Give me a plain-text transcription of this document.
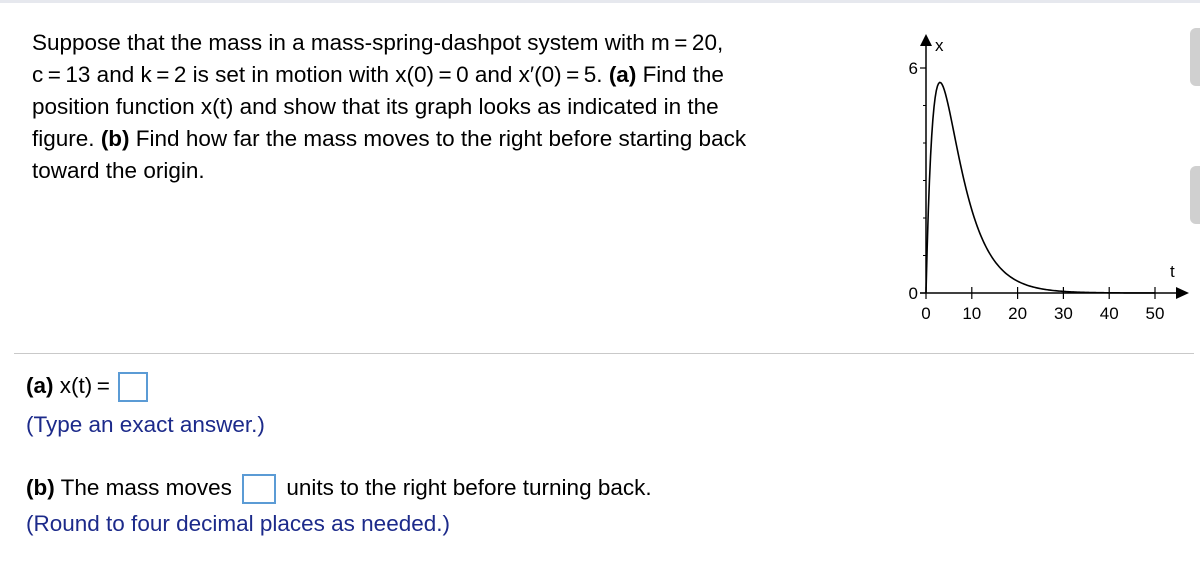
Suppose that the mass in a mass-spring-dashpot system with m = 20,
c = 13 and k = 2 is set in motion with x(0) = 0 and x′(0) = 5. (a) Find the
position function x(t) and show that its graph looks as indicated in the
figure. (b) Find how far the mass moves to the right before starting back
toward the origin.
x
t
6
0
0 10 20 30 40 50
(a) x(t) = 
(Type an exact answer.)
(b) The mass moves  units to the right before turning back.
(Round to four decimal places as needed.)
